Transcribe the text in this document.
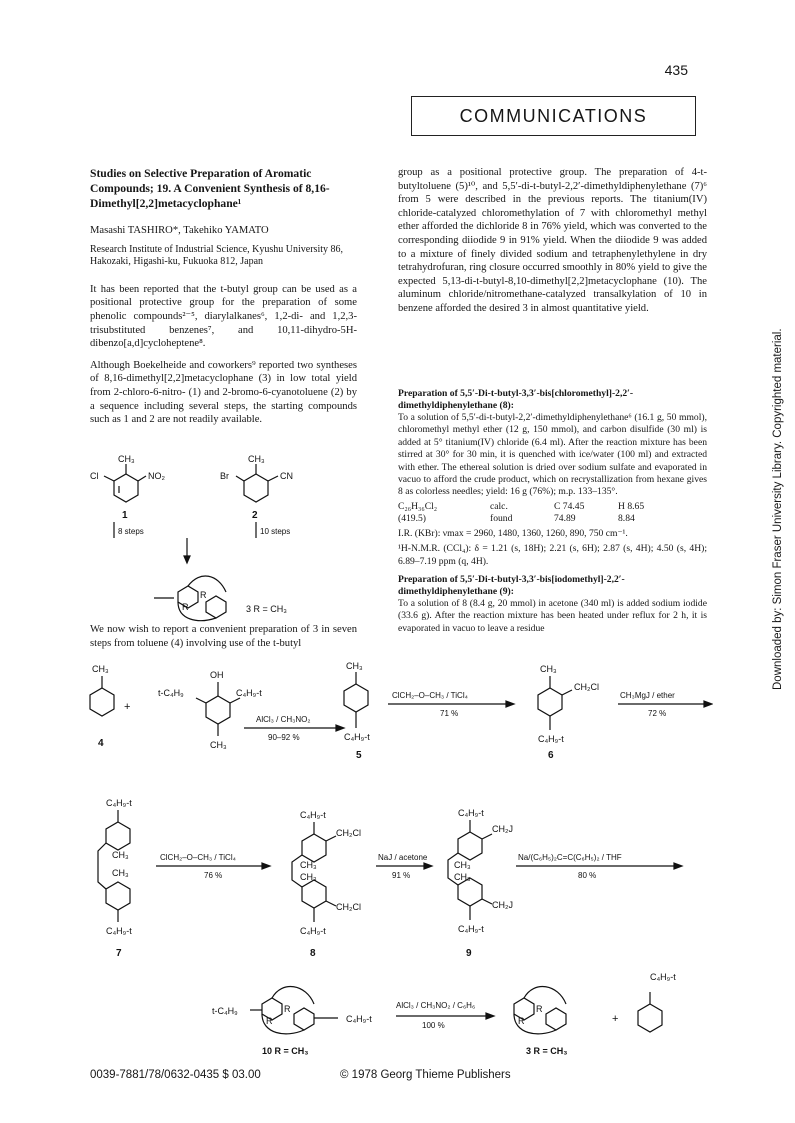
435
COMMUNICATIONS
Studies on Selective Preparation of Aromatic Compounds; 19. A Convenient Synthesis of 8,16-Dimethyl[2,2]metacyclophane¹
Masashi TASHIRO*, Takehiko YAMATO
Research Institute of Industrial Science, Kyushu University 86, Hakozaki, Higashi-ku, Fukuoka 812, Japan

It has been reported that the t-butyl group can be used as a positional protective group for the preparation of some phenolic compounds²⁻⁵, diarylalkanes⁶, 1,2-di- and 1,2,3-trisubstituted benzenes⁷, and 10,11-dihydro-5H-dibenzo[a,d]cycloheptene⁸.

Although Boekelheide and coworkers⁹ reported two syntheses of 8,16-dimethyl[2,2]metacyclophane (3) in low total yield from 2-chloro-6-nitro- (1) and 2-bromo-6-cyanotoluene (2) by a sequence including several steps, the starting compounds such as 1 and 2 are not readily available.

CH₃
Cl	NO₂
CH₃
Br	CN
1	2
8 steps	10 steps
R
R	3 R = CH₃

We now wish to report a convenient preparation of 3 in seven steps from toluene (4) involving use of the t-butyl

group as a positional protective group. The preparation of 4-t-butyltoluene (5)¹⁰, and 5,5′-di-t-butyl-2,2′-dimethyldiphenylethane (7)⁶ from 5 were described in the previous reports. The titanium(IV) chloride-catalyzed chloromethylation of 7 with chloromethyl methyl ether afforded the dichloride 8 in 76% yield, which was converted to the corresponding diiodide 9 in 91% yield. When the diiodide 9 was added to a mixture of finely divided sodium and tetraphenylethylene in dry tetrahydrofuran, ring closure occurred smoothly in 80% yield to give the expected 5,13-di-t-butyl-8,10-dimethyl[2,2]metacyclophane (10). The aluminum chloride/nitromethane-catalyzed transalkylation of 10 in benzene afforded the desired 3 in almost quantitative yield.

Preparation of 5,5′-Di-t-butyl-3,3′-bis[chloromethyl]-2,2′-dimethyldiphenylethane (8):

To a solution of 5,5′-di-t-butyl-2,2′-dimethyldiphenylethane⁶ (16.1 g, 50 mmol), chloromethyl methyl ether (12 g, 150 mmol), and carbon disulfide (30 ml) is added at 5° titanium(IV) chloride (6.4 ml). After the reaction mixture has been stirred at 30° for 30 min, it is quenched with ice/water (100 ml) and extracted with ether. The ethereal solution is dried over sodium sulfate and evaporated in vacuo to afford the crude product, which on recrystallization from hexane gives 8 as colorless needles; yield: 16 g (76%); m.p. 133–135°.

C₂₆H₃₆Cl₂	calc.	C 74.45	H 8.65
(419.5)	found	74.89	8.84

I.R. (KBr): νmax = 2960, 1480, 1360, 1260, 890, 750 cm⁻¹.

¹H-N.M.R. (CCl₄): δ = 1.21 (s, 18H); 2.21 (s, 6H); 2.87 (s, 4H); 4.50 (s, 4H); 6.89–7.19 ppm (q, 4H).

Preparation of 5,5′-Di-t-butyl-3,3′-bis[iodomethyl]-2,2′-dimethyldiphenylethane (9):

To a solution of 8 (8.4 g, 20 mmol) in acetone (340 ml) is added sodium iodide (33.6 g). After the reaction mixture has been heated under reflux for 2 h, it is evaporated in vacuo to leave a residue	Downloaded by: Simon Fraser University Library. Copyrighted material.
CH₃
+
OH
t-C₄H₉	C₄H₉-t
CH₃
AlCl₃ / CH₃NO₂
90–92 %
CH₃
C₄H₉-t
ClCH₂–O–CH₃ / TiCl₄
71 %
CH₃
CH₂Cl
C₄H₉-t
CH₃MgJ / ether
72 %
4
5	6
C₄H₉-t
CH₃
CH₃
C₄H₉-t
ClCH₂–O–CH₃ / TiCl₄
76 %
C₄H₉-t
CH₂Cl
CH₃
CH₃
CH₂Cl
C₄H₉-t
NaJ / acetone
91 %
C₄H₉-t
CH₂J
CH₃
CH₃
CH₂J
C₄H₉-t
Na/(C₆H₅)₂C=C(C₆H₅)₂ / THF
80 %
7	8	9
t-C₄H₉
C₄H₉-t
R
R
AlCl₃ / CH₃NO₂ / C₆H₆
100 %
R
R	+
C₄H₉-t
10 R = CH₃	3 R = CH₃
0039-7881/78/0632-0435 $ 03.00	© 1978 Georg Thieme Publishers
